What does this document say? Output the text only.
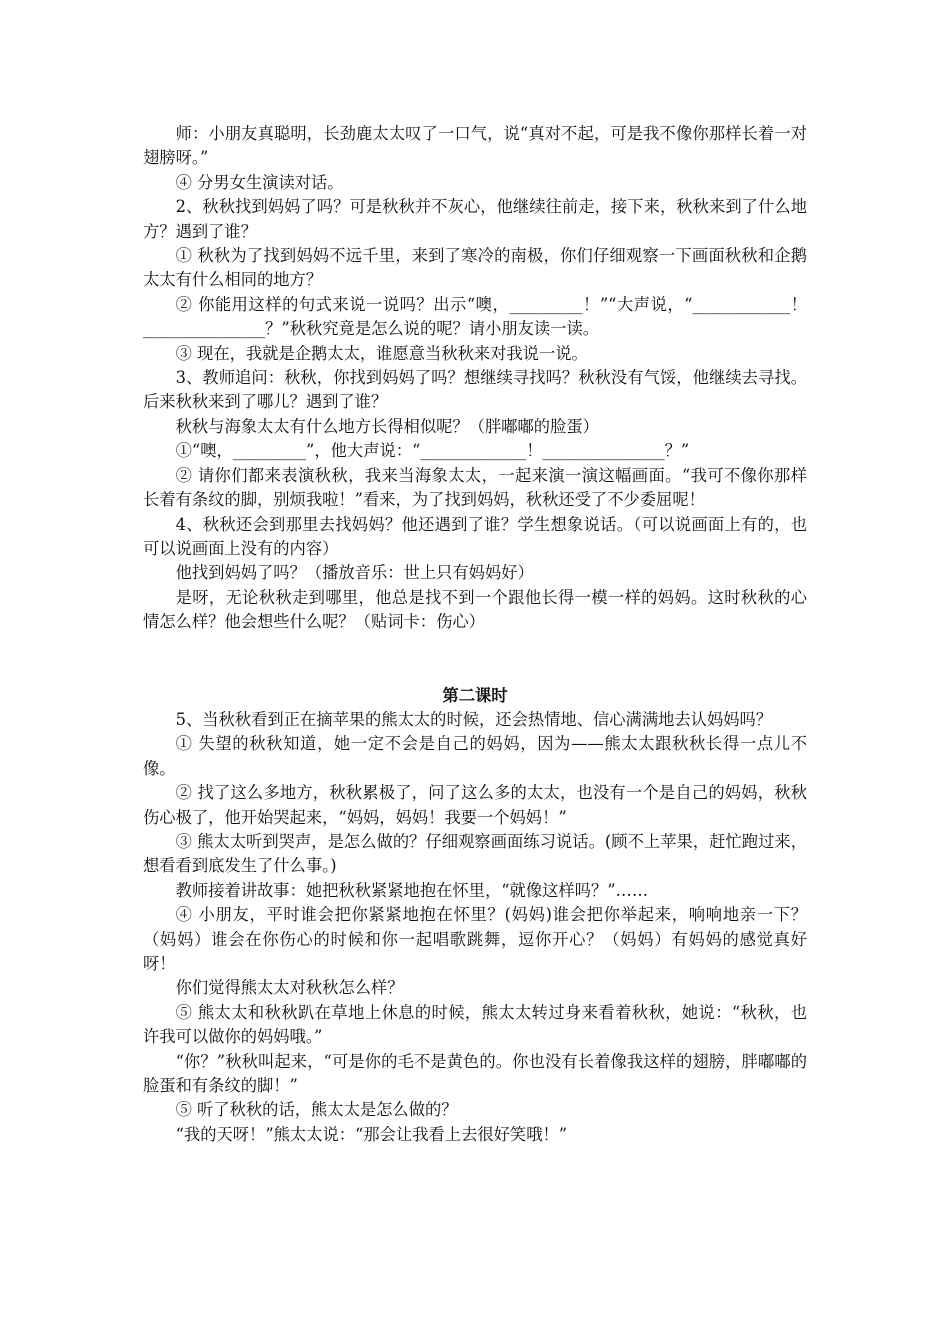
师：小朋友真聪明，长劲鹿太太叹了一口气，说“真对不起，可是我不像你那样长着一对翅膀呀。”

④ 分男女生演读对话。

2、秋秋找到妈妈了吗？可是秋秋并不灰心，他继续往前走，接下来，秋秋来到了什么地方？遇到了谁？

① 秋秋为了找到妈妈不远千里，来到了寒冷的南极，你们仔细观察一下画面秋秋和企鹅太太有什么相同的地方？

② 你能用这样的句式来说一说吗？出示“噢，_________！”“大声说，“____________！_______________？”秋秋究竟是怎么说的呢？请小朋友读一读。

③ 现在，我就是企鹅太太，谁愿意当秋秋来对我说一说。

3、教师追问：秋秋，你找到妈妈了吗？想继续寻找吗？秋秋没有气馁，他继续去寻找。后来秋秋来到了哪儿？遇到了谁？

秋秋与海象太太有什么地方长得相似呢？（胖嘟嘟的脸蛋）

①“噢，_________”，他大声说：“_____________！_______________？”

② 请你们都来表演秋秋，我来当海象太太，一起来演一演这幅画面。“我可不像你那样长着有条纹的脚，别烦我啦！”看来，为了找到妈妈，秋秋还受了不少委屈呢！

4、秋秋还会到那里去找妈妈？他还遇到了谁？学生想象说话。（可以说画面上有的，也可以说画面上没有的内容）

他找到妈妈了吗？（播放音乐：世上只有妈妈好）

是呀，无论秋秋走到哪里，他总是找不到一个跟他长得一模一样的妈妈。这时秋秋的心情怎么样？他会想些什么呢？（贴词卡：伤心）

第二课时

5、当秋秋看到正在摘苹果的熊太太的时候，还会热情地、信心满满地去认妈妈吗？

① 失望的秋秋知道，她一定不会是自己的妈妈，因为——熊太太跟秋秋长得一点儿不像。

② 找了这么多地方，秋秋累极了，问了这么多的太太，也没有一个是自己的妈妈，秋秋伤心极了，他开始哭起来，“妈妈，妈妈！我要一个妈妈！”

③ 熊太太听到哭声，是怎么做的？仔细观察画面练习说话。(顾不上苹果，赶忙跑过来，想看看到底发生了什么事。)

教师接着讲故事：她把秋秋紧紧地抱在怀里，“就像这样吗？”……

④ 小朋友，平时谁会把你紧紧地抱在怀里？(妈妈)谁会把你举起来，响响地亲一下？（妈妈）谁会在你伤心的时候和你一起唱歌跳舞，逗你开心？（妈妈）有妈妈的感觉真好呀！

你们觉得熊太太对秋秋怎么样？

⑤ 熊太太和秋秋趴在草地上休息的时候，熊太太转过身来看着秋秋，她说：“秋秋，也许我可以做你的妈妈哦。”

“你？”秋秋叫起来，“可是你的毛不是黄色的。你也没有长着像我这样的翅膀，胖嘟嘟的脸蛋和有条纹的脚！”

⑤ 听了秋秋的话，熊太太是怎么做的？

“我的天呀！”熊太太说：“那会让我看上去很好笑哦！”
